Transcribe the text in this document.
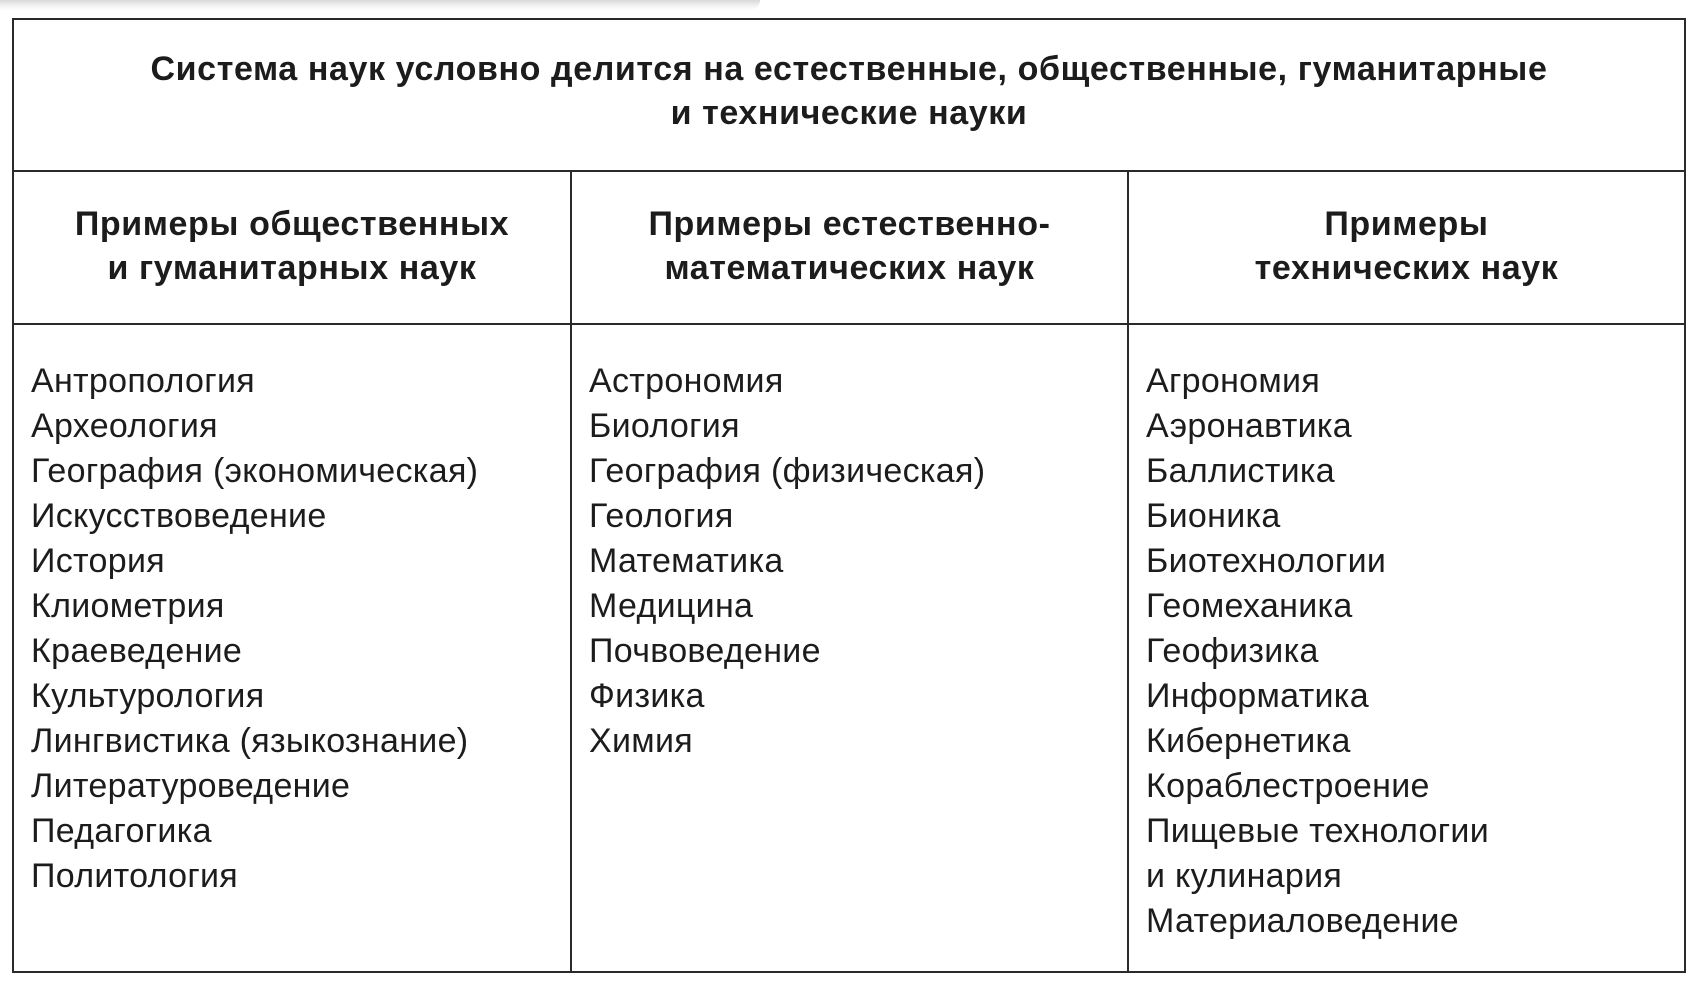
Система наук условно делится на естественные, общественные, гуманитарные
и технические науки
Примеры общественных
и гуманитарных наук
Примеры естественно-
математических наук
Примеры
технических наук
Антропология
Археология
География (экономическая)
Искусствоведение
История
Клиометрия
Краеведение
Культурология
Лингвистика (языкознание)
Литературоведение
Педагогика
Политология
Астрономия
Биология
География (физическая)
Геология
Математика
Медицина
Почвоведение
Физика
Химия
Агрономия
Аэронавтика
Баллистика
Бионика
Биотехнологии
Геомеханика
Геофизика
Информатика
Кибернетика
Кораблестроение
Пищевые технологии
и кулинария
Материаловедение
